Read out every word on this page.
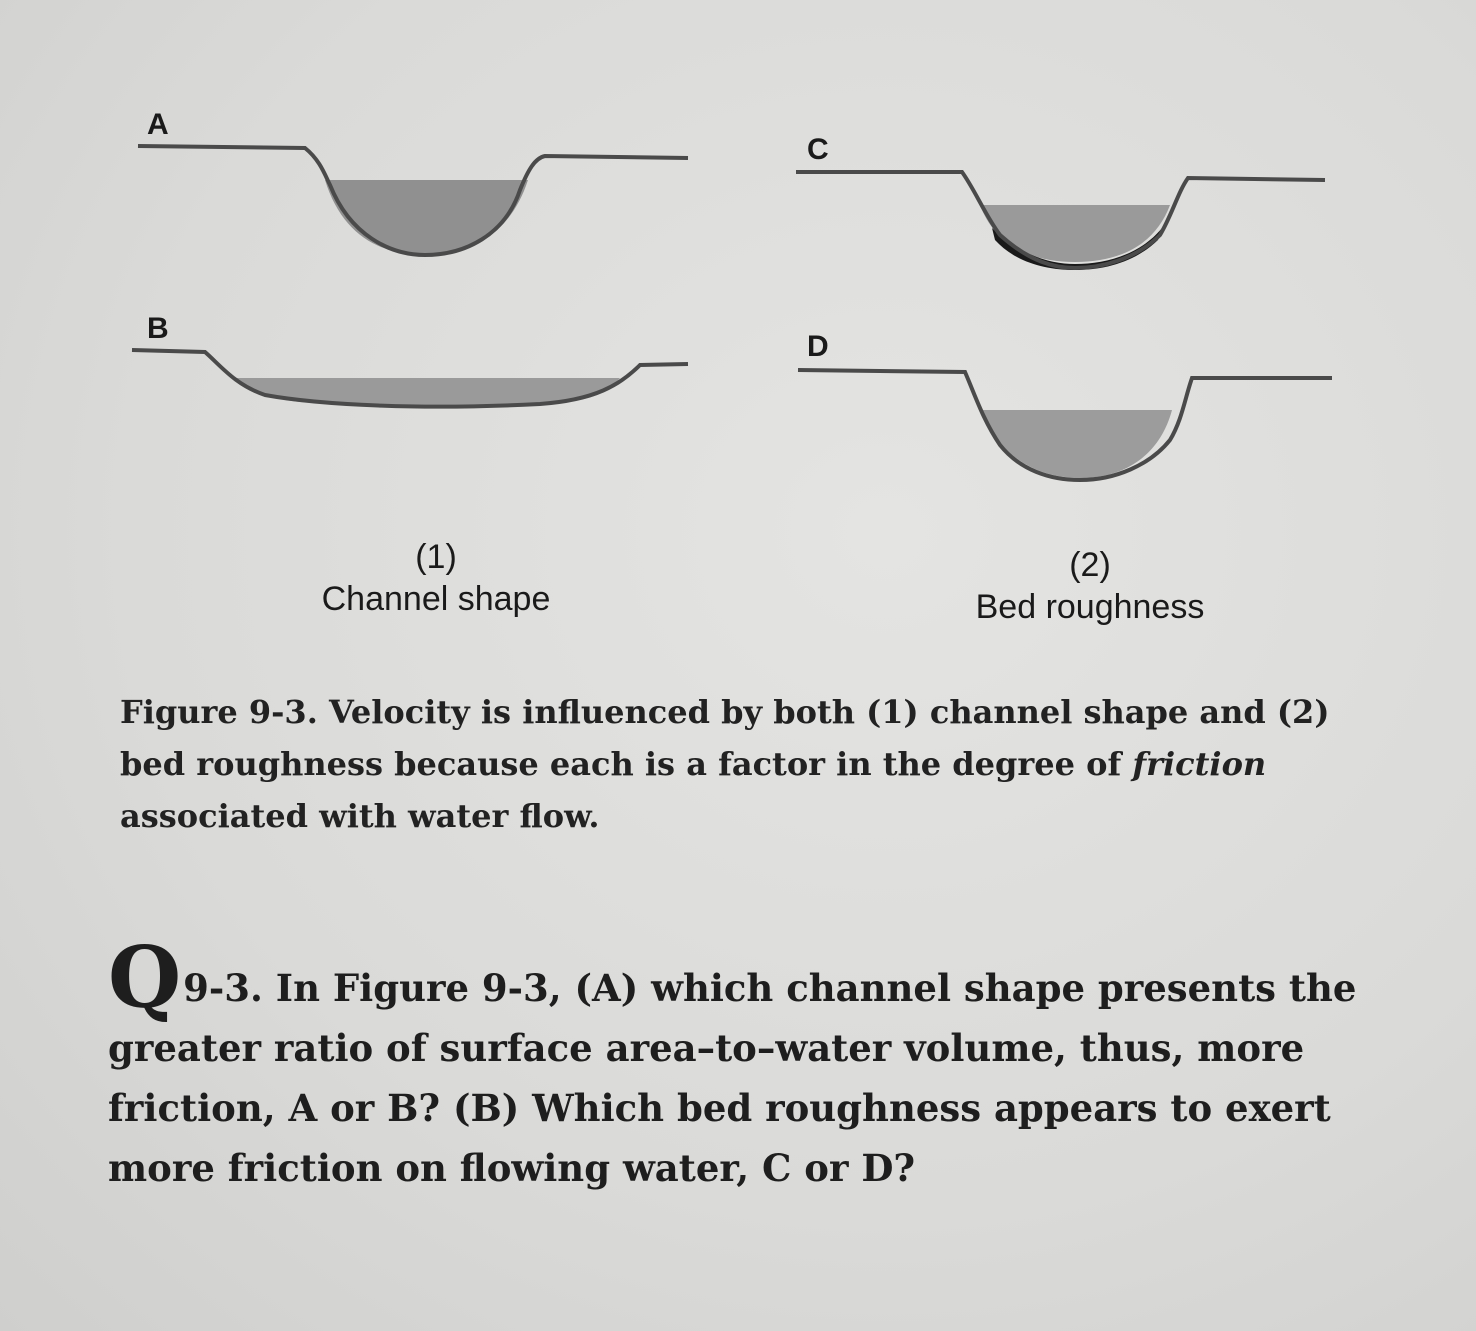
A
B
C
D
(1)
Channel shape
(2)
Bed roughness
Figure 9-3. Velocity is influenced by both (1) channel shape and (2) bed roughness because each is a factor in the degree of friction associated with water flow.
Q9-3. In Figure 9-3, (A) which channel shape presents the greater ratio of surface area–to–water volume, thus, more friction, A or B? (B) Which bed roughness appears to exert more friction on flowing water, C or D?
